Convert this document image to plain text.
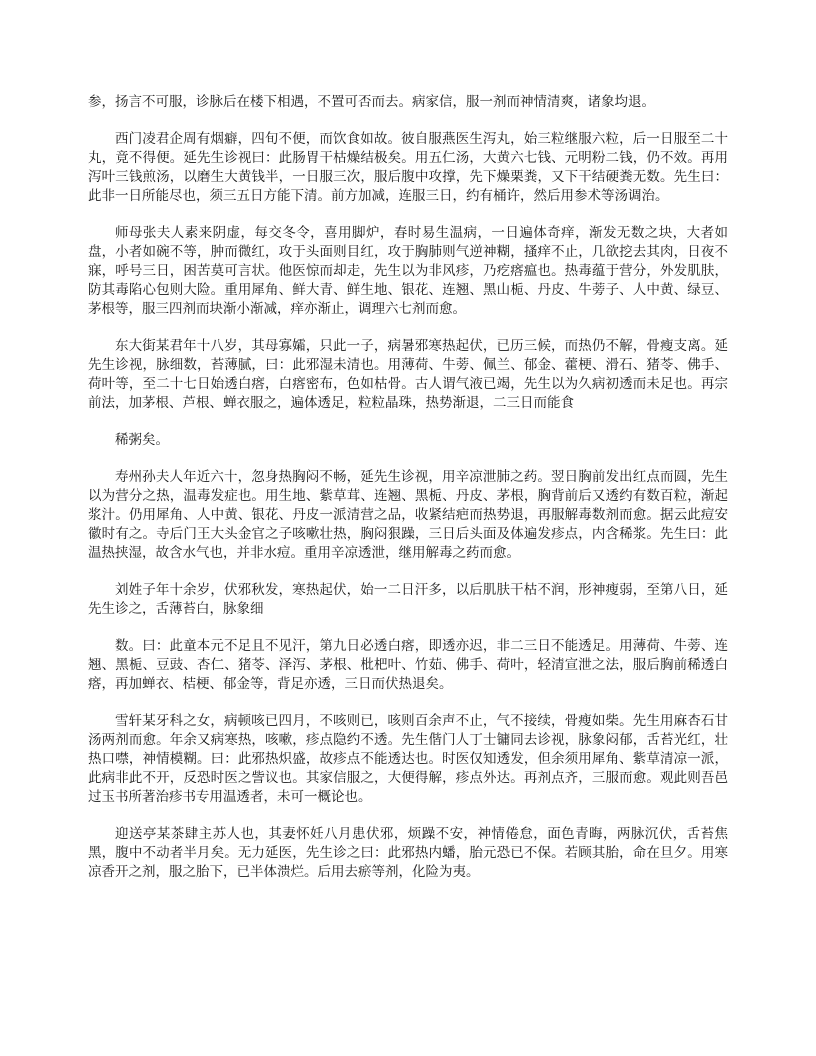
参，扬言不可服，诊脉后在楼下相遇，不置可否而去。病家信，服一剂而神情清爽，诸象均退。

西门凌君企周有烟癖，四旬不便，而饮食如故。彼自服燕医生泻丸，始三粒继服六粒，后一日服至二十丸，竟不得便。延先生诊视曰：此肠胃干枯燥结极矣。用五仁汤，大黄六七钱、元明粉二钱，仍不效。再用泻叶三钱煎汤，以磨生大黄钱半，一日服三次，服后腹中攻撑，先下燥栗粪，又下干结硬粪无数。先生曰：此非一日所能尽也，须三五日方能下清。前方加减，连服三日，约有桶许，然后用参术等汤调治。

师母张夫人素来阴虚，每交冬令，喜用脚炉，春时易生温病，一日遍体奇痒，渐发无数之块，大者如盘，小者如碗不等，肿而微红，攻于头面则目红，攻于胸肺则气逆神糊，搔痒不止，几欲挖去其肉，日夜不寐，呼号三日，困苦莫可言状。他医惊而却走，先生以为非风疹，乃疙瘩瘟也。热毒蕴于营分，外发肌肤，防其毒陷心包则大险。重用犀角、鲜大青、鲜生地、银花、连翘、黑山栀、丹皮、牛蒡子、人中黄、绿豆、茅根等，服三四剂而块渐小渐减，痒亦渐止，调理六七剂而愈。

东大街某君年十八岁，其母寡孀，只此一子，病暑邪寒热起伏，已历三候，而热仍不解，骨瘦支离。延先生诊视，脉细数，苔薄腻，曰：此邪湿未清也。用薄荷、牛蒡、佩兰、郁金、藿梗、滑石、猪苓、佛手、荷叶等，至二十七日始透白瘩，白瘩密布，色如枯骨。古人谓气液已竭，先生以为久病初透而未足也。再宗前法，加茅根、芦根、蝉衣服之，遍体透足，粒粒晶珠，热势渐退，二三日而能食

稀粥矣。

寿州孙夫人年近六十，忽身热胸闷不畅，延先生诊视，用辛凉泄肺之药。翌日胸前发出红点而圆，先生以为营分之热，温毒发症也。用生地、紫草茸、连翘、黑栀、丹皮、茅根，胸背前后又透约有数百粒，渐起浆汁。仍用犀角、人中黄、银花、丹皮一派清营之品，收紧结疤而热势退，再服解毒数剂而愈。据云此痘安徽时有之。寺后门王大头金官之子咳嗽壮热，胸闷狠躁，三日后头面及体遍发疹点，内含稀浆。先生曰：此温热挟湿，故含水气也，并非水痘。重用辛凉透泄，继用解毒之药而愈。

刘姓子年十余岁，伏邪秋发，寒热起伏，始一二日汗多，以后肌肤干枯不润，形神瘦弱，至第八日，延先生诊之，舌薄苔白，脉象细

数。曰：此童本元不足且不见汗，第九日必透白瘩，即透亦迟，非二三日不能透足。用薄荷、牛蒡、连翘、黑栀、豆豉、杏仁、猪苓、泽泻、茅根、枇杷叶、竹茹、佛手、荷叶，轻清宣泄之法，服后胸前稀透白瘩，再加蝉衣、桔梗、郁金等，背足亦透，三日而伏热退矣。

雪轩某牙科之女，病顿咳已四月，不咳则已，咳则百余声不止，气不接续，骨瘦如柴。先生用麻杏石甘汤两剂而愈。年余又病寒热，咳嗽，疹点隐约不透。先生偕门人丁士镛同去诊视，脉象闷郁，舌苔光红，壮热口噤，神情模糊。曰：此邪热炽盛，故疹点不能透达也。时医仅知透发，但余须用犀角、紫草清凉一派，此病非此不开，反恐时医之訾议也。其家信服之，大便得解，疹点外达。再剂点齐，三服而愈。观此则吾邑过玉书所著治疹书专用温透者，未可一概论也。

迎送亭某茶肆主苏人也，其妻怀妊八月患伏邪，烦躁不安，神情倦怠，面色青晦，两脉沉伏，舌苔焦黑，腹中不动者半月矣。无力延医，先生诊之曰：此邪热内蟠，胎元恐已不保。若顾其胎，命在旦夕。用寒凉香开之剂，服之胎下，已半体溃烂。后用去瘀等剂，化险为夷。
